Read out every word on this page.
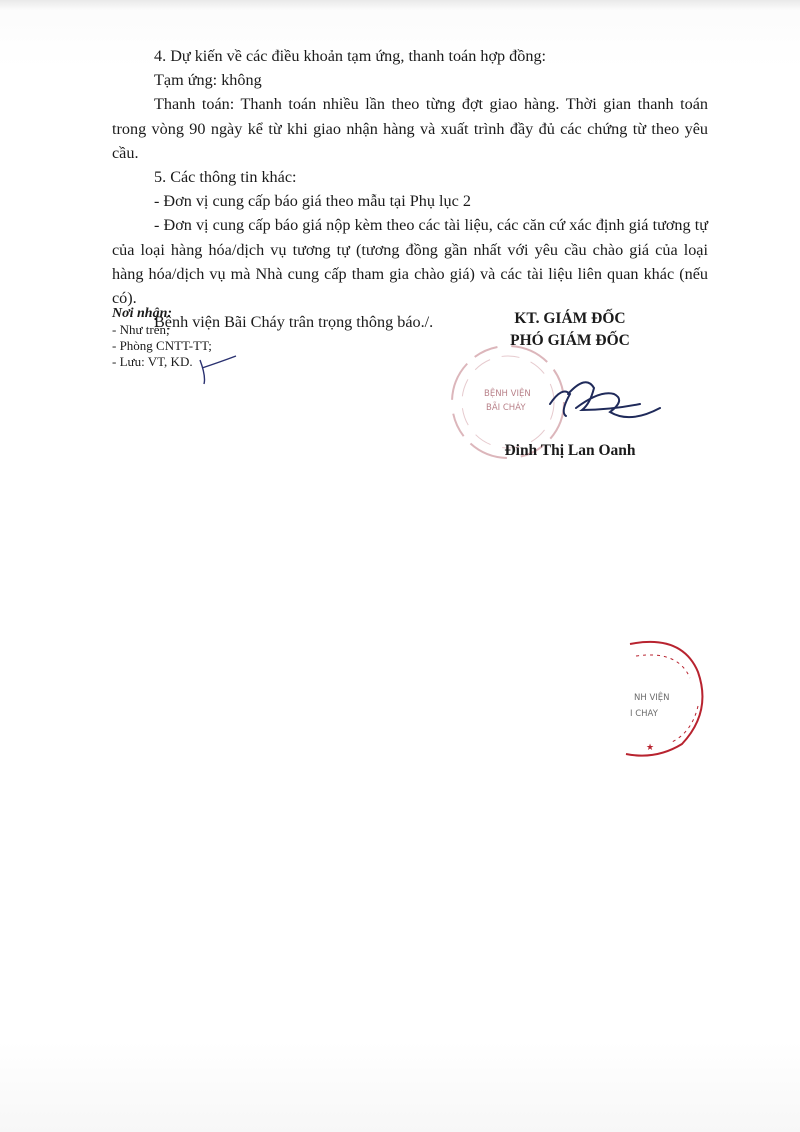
4. Dự kiến về các điều khoản tạm ứng, thanh toán hợp đồng:

Tạm ứng: không

Thanh toán: Thanh toán nhiều lần theo từng đợt giao hàng. Thời gian thanh toán trong vòng 90 ngày kể từ khi giao nhận hàng và xuất trình đầy đủ các chứng từ theo yêu cầu.

5. Các thông tin khác:

- Đơn vị cung cấp báo giá theo mẫu tại Phụ lục 2

- Đơn vị cung cấp báo giá nộp kèm theo các tài liệu, các căn cứ xác định giá tương tự của loại hàng hóa/dịch vụ tương tự (tương đồng gần nhất với yêu cầu chào giá của loại hàng hóa/dịch vụ mà Nhà cung cấp tham gia chào giá) và các tài liệu liên quan khác (nếu có).

Bệnh viện Bãi Cháy trân trọng thông báo./.

Nơi nhận:
- Như trên;
- Phòng CNTT-TT;
- Lưu: VT, KD.
KT. GIÁM ĐỐC
PHÓ GIÁM ĐỐC
BỆNH VIỆN
BÃI CHÁY
Đinh Thị Lan Oanh
★
NH VIỆN
I CHAY
